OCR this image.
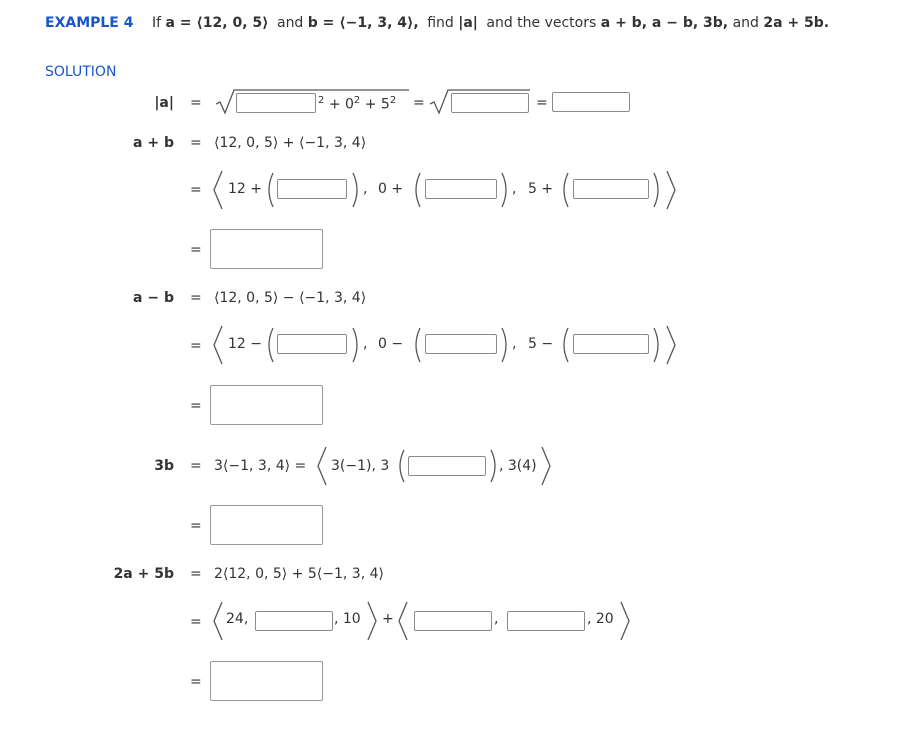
EXAMPLE 4 If a = ⟨12, 0, 5⟩ and b = ⟨−1, 3, 4⟩, find |a| and the vectors a + b, a − b, 3b, and 2a + 5b.
SOLUTION
|a| =	$^2 + 0^2 + 5^2$ =	=
a + b = ⟨12, 0, 5⟩ + ⟨−1, 3, 4⟩
= 12 +	, 0 +	, 5 +
=
a − b = ⟨12, 0, 5⟩ − ⟨−1, 3, 4⟩
= 12 −	, 0 −	, 5 −
=
3b = 3⟨−1, 3, 4⟩ = 3(−1), 3	, 3(4)
=
2a + 5b = 2⟨12, 0, 5⟩ + 5⟨−1, 3, 4⟩
= 24,	, 10 +	,	, 20
=
